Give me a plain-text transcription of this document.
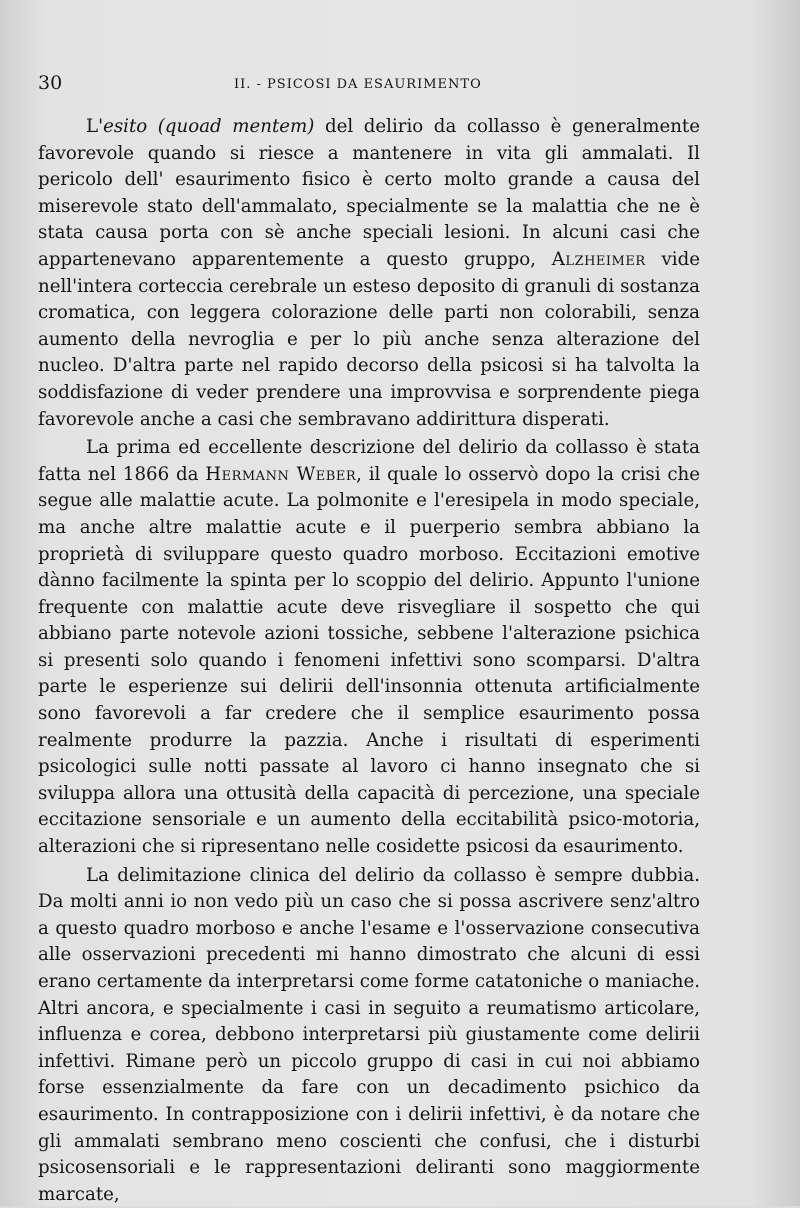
30	II. - PSICOSI DA ESAURIMENTO

L'esito (quoad mentem) del delirio da collasso è generalmente favorevole quando si riesce a mantenere in vita gli ammalati. Il pericolo dell' esaurimento fisico è certo molto grande a causa del miserevole stato dell'ammalato, specialmente se la malattia che ne è stata causa porta con sè anche speciali lesioni. In alcuni casi che appartenevano apparentemente a questo gruppo, Alzheimer vide nell'intera corteccia cerebrale un esteso deposito di granuli di sostanza cromatica, con leggera colorazione delle parti non colorabili, senza aumento della nevroglia e per lo più anche senza alterazione del nucleo. D'altra parte nel rapido decorso della psicosi si ha talvolta la soddisfazione di veder prendere una improvvisa e sorprendente piega favorevole anche a casi che sembravano addirittura disperati.

La prima ed eccellente descrizione del delirio da collasso è stata fatta nel 1866 da Hermann Weber, il quale lo osservò dopo la crisi che segue alle malattie acute. La polmonite e l'eresipela in modo speciale, ma anche altre malattie acute e il puerperio sembra abbiano la proprietà di sviluppare questo quadro morboso. Eccitazioni emotive dànno facilmente la spinta per lo scoppio del delirio. Appunto l'unione frequente con malattie acute deve risvegliare il sospetto che qui abbiano parte notevole azioni tossiche, sebbene l'alterazione psichica si presenti solo quando i fenomeni infettivi sono scomparsi. D'altra parte le esperienze sui delirii dell'insonnia ottenuta artificialmente sono favorevoli a far credere che il semplice esaurimento possa realmente produrre la pazzia. Anche i risultati di esperimenti psicologici sulle notti passate al lavoro ci hanno insegnato che si sviluppa allora una ottusità della capacità di percezione, una speciale eccitazione sensoriale e un aumento della eccitabilità psico-motoria, alterazioni che si ripresentano nelle cosidette psicosi da esaurimento.

La delimitazione clinica del delirio da collasso è sempre dubbia. Da molti anni io non vedo più un caso che si possa ascrivere senz'altro a questo quadro morboso e anche l'esame e l'osservazione consecutiva alle osservazioni precedenti mi hanno dimostrato che alcuni di essi erano certamente da interpretarsi come forme catatoniche o maniache. Altri ancora, e specialmente i casi in seguito a reumatismo articolare, influenza e corea, debbono interpretarsi più giustamente come delirii infettivi. Rimane però un piccolo gruppo di casi in cui noi abbiamo forse essenzialmente da fare con un decadimento psichico da esaurimento. In contrapposizione con i delirii infettivi, è da notare che gli ammalati sembrano meno coscienti che confusi, che i disturbi psicosensoriali e le rappresentazioni deliranti sono maggiormente marcate,
